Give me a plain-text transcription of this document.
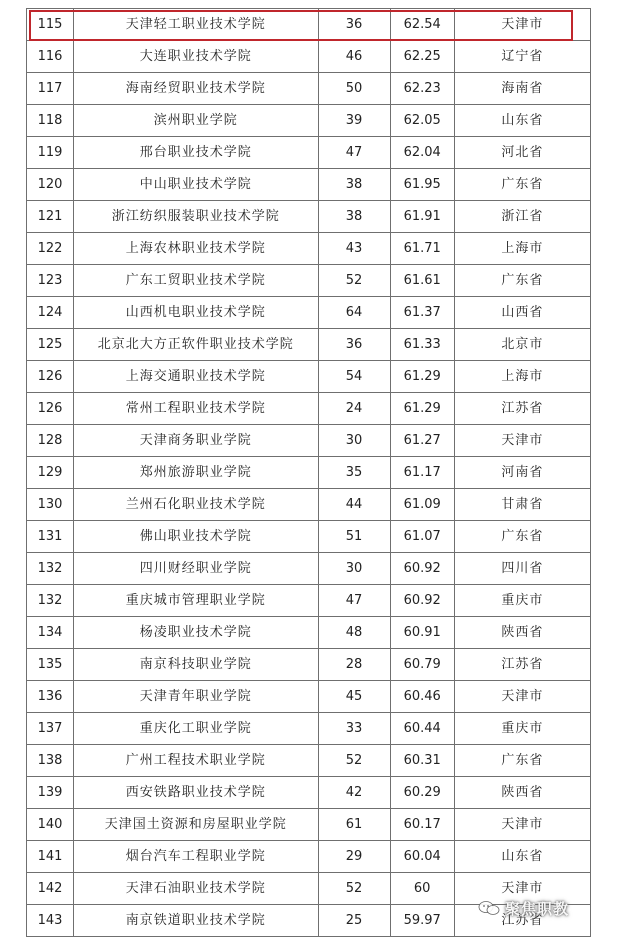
115	天津轻工职业技术学院	36	62.54	天津市
116	大连职业技术学院	46	62.25	辽宁省
117	海南经贸职业技术学院	50	62.23	海南省
118	滨州职业学院	39	62.05	山东省
119	邢台职业技术学院	47	62.04	河北省
120	中山职业技术学院	38	61.95	广东省
121	浙江纺织服装职业技术学院	38	61.91	浙江省
122	上海农林职业技术学院	43	61.71	上海市
123	广东工贸职业技术学院	52	61.61	广东省
124	山西机电职业技术学院	64	61.37	山西省
125	北京北大方正软件职业技术学院	36	61.33	北京市
126	上海交通职业技术学院	54	61.29	上海市
126	常州工程职业技术学院	24	61.29	江苏省
128	天津商务职业学院	30	61.27	天津市
129	郑州旅游职业学院	35	61.17	河南省
130	兰州石化职业技术学院	44	61.09	甘肃省
131	佛山职业技术学院	51	61.07	广东省
132	四川财经职业学院	30	60.92	四川省
132	重庆城市管理职业学院	47	60.92	重庆市
134	杨凌职业技术学院	48	60.91	陕西省
135	南京科技职业学院	28	60.79	江苏省
136	天津青年职业学院	45	60.46	天津市
137	重庆化工职业学院	33	60.44	重庆市
138	广州工程技术职业学院	52	60.31	广东省
139	西安铁路职业技术学院	42	60.29	陕西省
140	天津国土资源和房屋职业学院	61	60.17	天津市
141	烟台汽车工程职业学院	29	60.04	山东省
142	天津石油职业技术学院	52	60	天津市
143	南京铁道职业技术学院	25	59.97	江苏省
聚焦职教
